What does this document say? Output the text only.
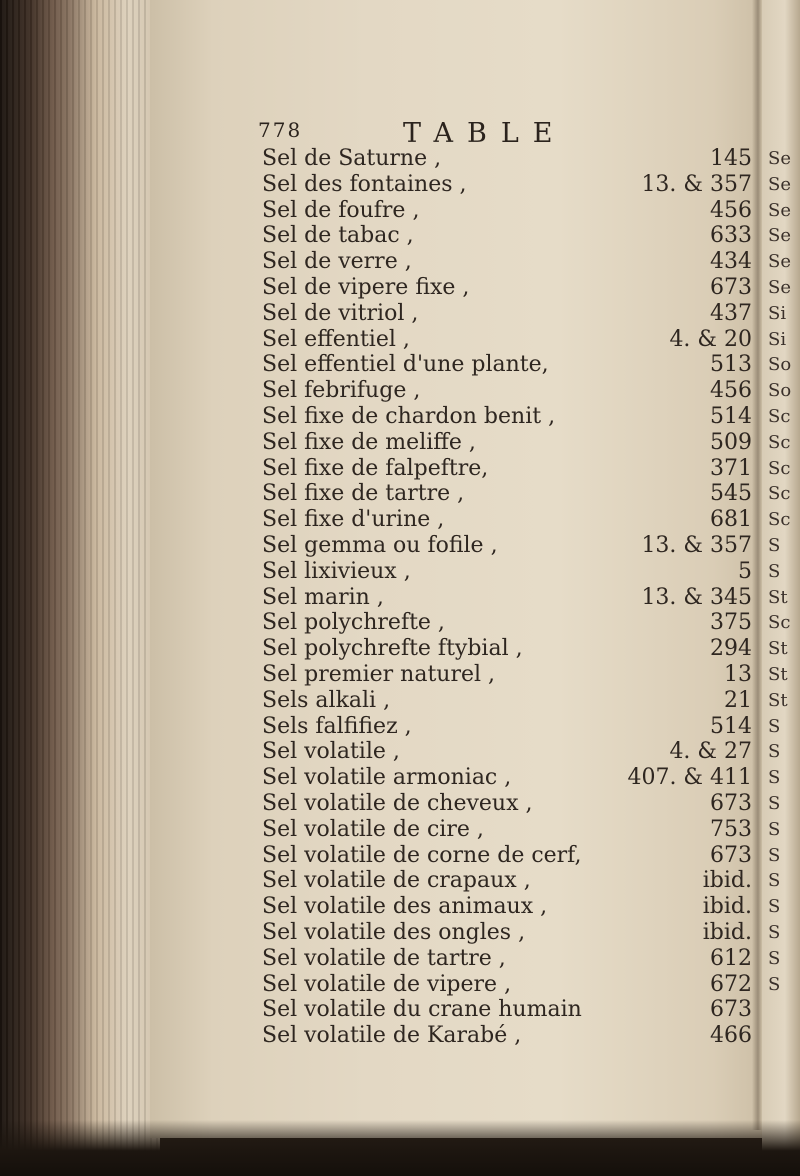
Se
Se
Se
Se
Se
Se
Si
Si
So
So
Sc
Sc
Sc
Sc
Sc
S
S
St
Sc
St
St
St
S
S
S
S
S
S
S
S
S
S
S
778	TABLE
Sel de Saturne ,	145
Sel des fontaines ,	13. & 357
Sel de foufre ,	456
Sel de tabac ,	633
Sel de verre ,	434
Sel de vipere fixe ,	673
Sel de vitriol ,	437
Sel effentiel ,	4. & 20
Sel effentiel d'une plante,	513
Sel febrifuge ,	456
Sel fixe de chardon benit ,	514
Sel fixe de meliffe ,	509
Sel fixe de falpeftre,	371
Sel fixe de tartre ,	545
Sel fixe d'urine ,	681
Sel gemma ou fofile ,	13. & 357
Sel lixivieux ,	5
Sel marin ,	13. & 345
Sel polychrefte ,	375
Sel polychrefte ftybial ,	294
Sel premier naturel ,	13
Sels alkali ,	21
Sels falfifiez ,	514
Sel volatile ,	4. & 27
Sel volatile armoniac ,	407. & 411
Sel volatile de cheveux ,	673
Sel volatile de cire ,	753
Sel volatile de corne de cerf,	673
Sel volatile de crapaux ,	ibid.
Sel volatile des animaux ,	ibid.
Sel volatile des ongles ,	ibid.
Sel volatile de tartre ,	612
Sel volatile de vipere ,	672
Sel volatile du crane humain	673
Sel volatile de Karabé ,	466
